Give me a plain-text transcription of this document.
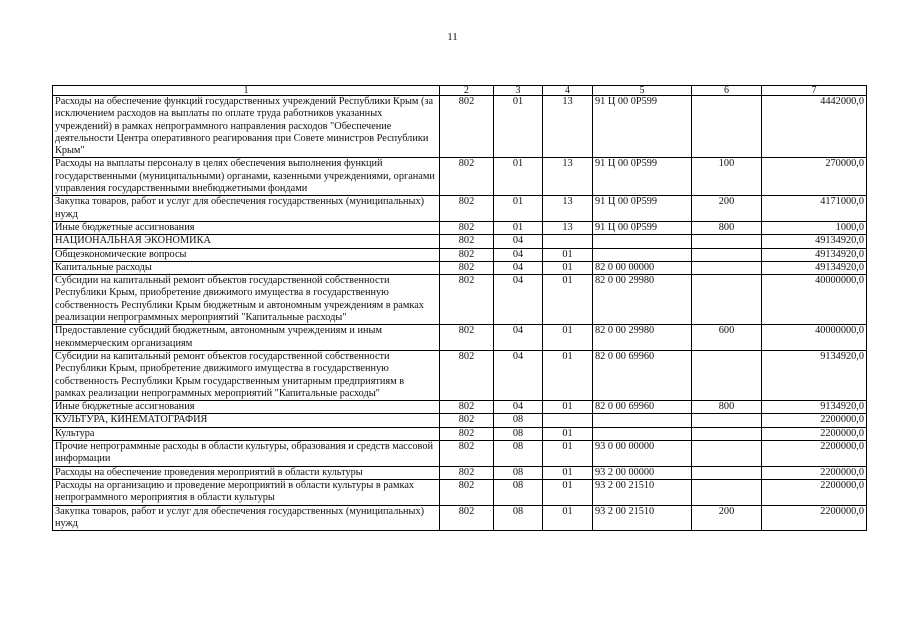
11
1	2	3	4	5	6	7
Расходы на обеспечение функций государственных учреждений Республики Крым (за исключением расходов на выплаты по оплате труда работников указанных учреждений) в рамках непрограммного направления расходов "Обеспечение деятельности Центра оперативного реагирования при Совете министров Республики Крым"	802	01	13	91 Ц 00 0Р599		4442000,0
Расходы на выплаты персоналу в целях обеспечения выполнения функций государственными (муниципальными) органами, казенными учреждениями, органами управления государственными внебюджетными фондами	802	01	13	91 Ц 00 0Р599	100	270000,0
Закупка товаров, работ и услуг для обеспечения государственных (муниципальных) нужд	802	01	13	91 Ц 00 0Р599	200	4171000,0
Иные бюджетные ассигнования	802	01	13	91 Ц 00 0Р599	800	1000,0
НАЦИОНАЛЬНАЯ ЭКОНОМИКА	802	04				49134920,0
Общеэкономические вопросы	802	04	01			49134920,0
Капитальные расходы	802	04	01	82 0 00 00000		49134920,0
Субсидии на капитальный ремонт объектов государственной собственности Республики Крым, приобретение движимого имущества в государственную собственность Республики Крым бюджетным и автономным учреждениям в рамках реализации непрограммных мероприятий "Капитальные расходы"	802	04	01	82 0 00 29980		40000000,0
Предоставление субсидий бюджетным, автономным учреждениям и иным некоммерческим организациям	802	04	01	82 0 00 29980	600	40000000,0
Субсидии на капитальный ремонт объектов государственной собственности Республики Крым, приобретение движимого имущества в государственную собственность Республики Крым государственным унитарным предприятиям в рамках реализации непрограммных мероприятий "Капитальные расходы"	802	04	01	82 0 00 69960		9134920,0
Иные бюджетные ассигнования	802	04	01	82 0 00 69960	800	9134920,0
КУЛЬТУРА, КИНЕМАТОГРАФИЯ	802	08				2200000,0
Культура	802	08	01			2200000,0
Прочие непрограммные расходы в области культуры, образования и средств массовой информации	802	08	01	93 0 00 00000		2200000,0
Расходы на обеспечение проведения мероприятий в области культуры	802	08	01	93 2 00 00000		2200000,0
Расходы на организацию и проведение мероприятий в области культуры в рамках непрограммного мероприятия в области культуры	802	08	01	93 2 00 21510		2200000,0
Закупка товаров, работ и услуг для обеспечения государственных (муниципальных) нужд	802	08	01	93 2 00 21510	200	2200000,0
